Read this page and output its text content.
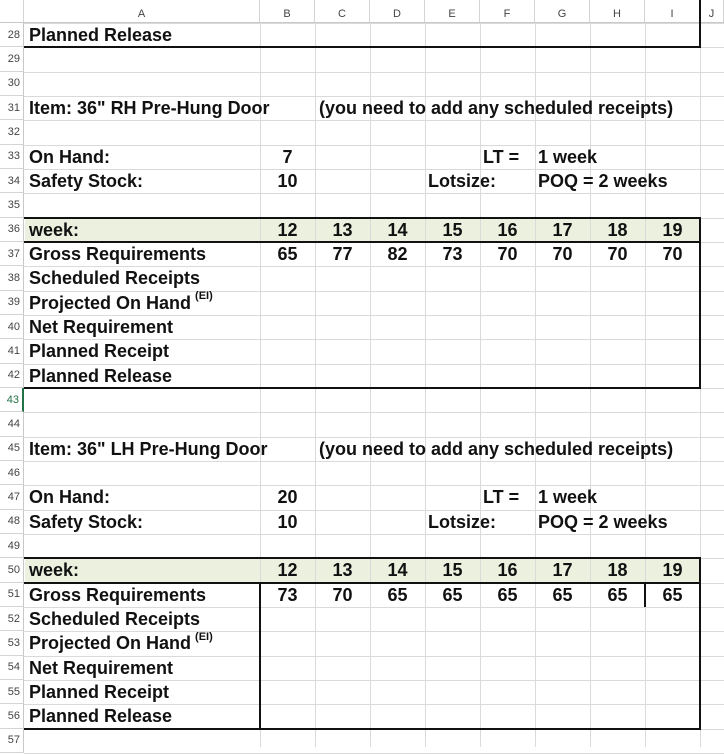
A	B	C	D	E	F	G	H	I	J
28
29
30
31
32
33
34
35
36
37
38
39
40
41
42
43
44
45
46
47
48
49
50
51
52
53
54
55
56
57
Planned Release
Item: 36" RH Pre-Hung Door	(you need to add any scheduled receipts)
On Hand:	7	LT = 1 week
Safety Stock:	10	Lotsize: POQ = 2 weeks
week:	12	13	14	15	16	17	18	19
Gross Requirements	65	77	82	73	70	70	70	70
Scheduled Receipts
Projected On Hand $^{(EI)}$
Net Requirement
Planned Receipt
Planned Release
Item: 36" LH Pre-Hung Door	(you need to add any scheduled receipts)
On Hand:	20	LT = 1 week
Safety Stock:	10	Lotsize: POQ = 2 weeks
week:	12	13	14	15	16	17	18	19
Gross Requirements	73	70	65	65	65	65	65	65
Scheduled Receipts
Projected On Hand $^{(EI)}$
Net Requirement
Planned Receipt
Planned Release
